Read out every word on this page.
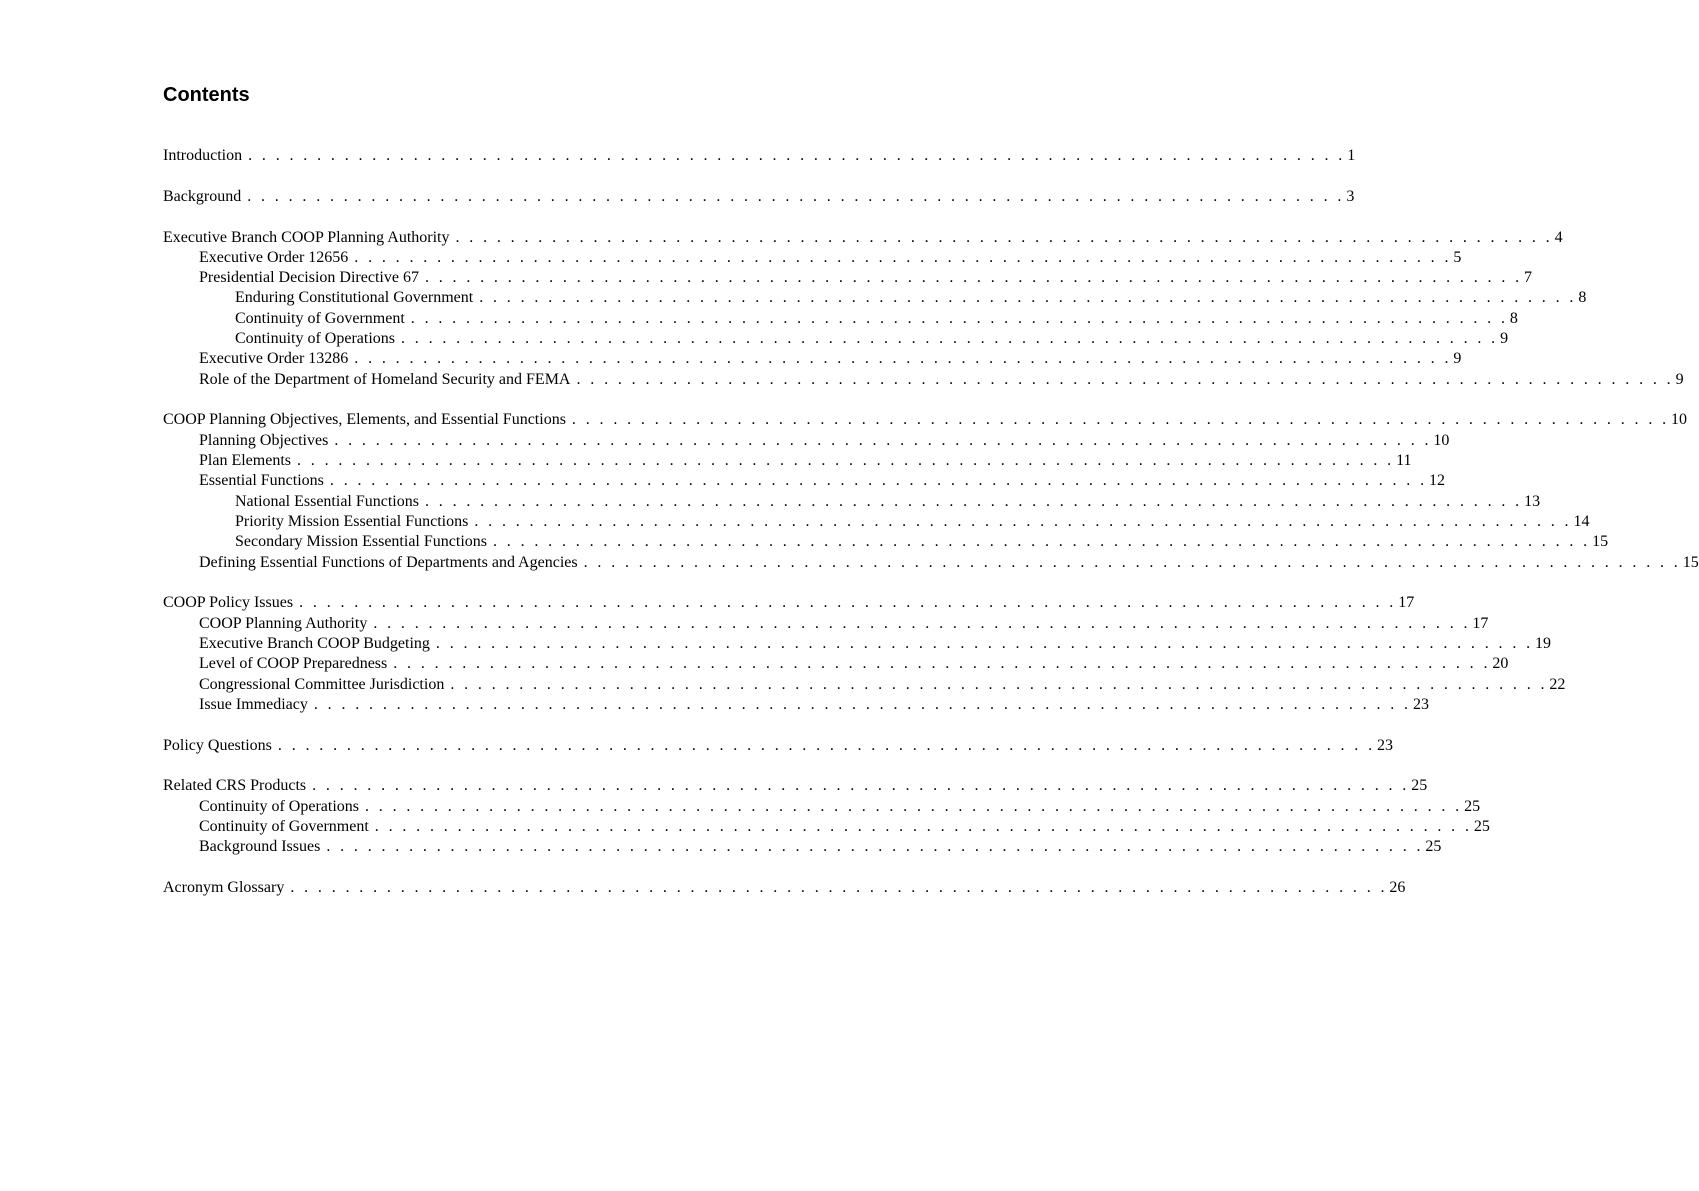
Contents
Introduction . . . . . . . . . . . . . . . . . . . . . . . . . . . . . . . . . . . . . . . . . . . . . . . . . . . . . . . . . . . . . . . . . . . . . . . . . . . . . . . . 1
Background . . . . . . . . . . . . . . . . . . . . . . . . . . . . . . . . . . . . . . . . . . . . . . . . . . . . . . . . . . . . . . . . . . . . . . . . . . . . . . . . 3
Executive Branch COOP Planning Authority . . . . . . . . . . . . . . . . . . . . . . . . . . . . . . . . . . . . . . . . . . . . . . . . . . . . . . . . . . . . . . . . . . . . . . . . . . . . . . . . 4
Executive Order 12656 . . . . . . . . . . . . . . . . . . . . . . . . . . . . . . . . . . . . . . . . . . . . . . . . . . . . . . . . . . . . . . . . . . . . . . . . . . . . . . . . 5
Presidential Decision Directive 67 . . . . . . . . . . . . . . . . . . . . . . . . . . . . . . . . . . . . . . . . . . . . . . . . . . . . . . . . . . . . . . . . . . . . . . . . . . . . . . . . 7
Enduring Constitutional Government . . . . . . . . . . . . . . . . . . . . . . . . . . . . . . . . . . . . . . . . . . . . . . . . . . . . . . . . . . . . . . . . . . . . . . . . . . . . . . . . 8
Continuity of Government . . . . . . . . . . . . . . . . . . . . . . . . . . . . . . . . . . . . . . . . . . . . . . . . . . . . . . . . . . . . . . . . . . . . . . . . . . . . . . . . 8
Continuity of Operations . . . . . . . . . . . . . . . . . . . . . . . . . . . . . . . . . . . . . . . . . . . . . . . . . . . . . . . . . . . . . . . . . . . . . . . . . . . . . . . . 9
Executive Order 13286 . . . . . . . . . . . . . . . . . . . . . . . . . . . . . . . . . . . . . . . . . . . . . . . . . . . . . . . . . . . . . . . . . . . . . . . . . . . . . . . . 9
Role of the Department of Homeland Security and FEMA . . . . . . . . . . . . . . . . . . . . . . . . . . . . . . . . . . . . . . . . . . . . . . . . . . . . . . . . . . . . . . . . . . . . . . . . . . . . . . . . 9
COOP Planning Objectives, Elements, and Essential Functions . . . . . . . . . . . . . . . . . . . . . . . . . . . . . . . . . . . . . . . . . . . . . . . . . . . . . . . . . . . . . . . . . . . . . . . . . . . . . . . . 10
Planning Objectives . . . . . . . . . . . . . . . . . . . . . . . . . . . . . . . . . . . . . . . . . . . . . . . . . . . . . . . . . . . . . . . . . . . . . . . . . . . . . . . . 10
Plan Elements . . . . . . . . . . . . . . . . . . . . . . . . . . . . . . . . . . . . . . . . . . . . . . . . . . . . . . . . . . . . . . . . . . . . . . . . . . . . . . . . 11
Essential Functions . . . . . . . . . . . . . . . . . . . . . . . . . . . . . . . . . . . . . . . . . . . . . . . . . . . . . . . . . . . . . . . . . . . . . . . . . . . . . . . . 12
National Essential Functions . . . . . . . . . . . . . . . . . . . . . . . . . . . . . . . . . . . . . . . . . . . . . . . . . . . . . . . . . . . . . . . . . . . . . . . . . . . . . . . . 13
Priority Mission Essential Functions . . . . . . . . . . . . . . . . . . . . . . . . . . . . . . . . . . . . . . . . . . . . . . . . . . . . . . . . . . . . . . . . . . . . . . . . . . . . . . . . 14
Secondary Mission Essential Functions . . . . . . . . . . . . . . . . . . . . . . . . . . . . . . . . . . . . . . . . . . . . . . . . . . . . . . . . . . . . . . . . . . . . . . . . . . . . . . . . 15
Defining Essential Functions of Departments and Agencies . . . . . . . . . . . . . . . . . . . . . . . . . . . . . . . . . . . . . . . . . . . . . . . . . . . . . . . . . . . . . . . . . . . . . . . . . . . . . . . . 15
COOP Policy Issues . . . . . . . . . . . . . . . . . . . . . . . . . . . . . . . . . . . . . . . . . . . . . . . . . . . . . . . . . . . . . . . . . . . . . . . . . . . . . . . . 17
COOP Planning Authority . . . . . . . . . . . . . . . . . . . . . . . . . . . . . . . . . . . . . . . . . . . . . . . . . . . . . . . . . . . . . . . . . . . . . . . . . . . . . . . . 17
Executive Branch COOP Budgeting . . . . . . . . . . . . . . . . . . . . . . . . . . . . . . . . . . . . . . . . . . . . . . . . . . . . . . . . . . . . . . . . . . . . . . . . . . . . . . . . 19
Level of COOP Preparedness . . . . . . . . . . . . . . . . . . . . . . . . . . . . . . . . . . . . . . . . . . . . . . . . . . . . . . . . . . . . . . . . . . . . . . . . . . . . . . . . 20
Congressional Committee Jurisdiction . . . . . . . . . . . . . . . . . . . . . . . . . . . . . . . . . . . . . . . . . . . . . . . . . . . . . . . . . . . . . . . . . . . . . . . . . . . . . . . . 22
Issue Immediacy . . . . . . . . . . . . . . . . . . . . . . . . . . . . . . . . . . . . . . . . . . . . . . . . . . . . . . . . . . . . . . . . . . . . . . . . . . . . . . . . 23
Policy Questions . . . . . . . . . . . . . . . . . . . . . . . . . . . . . . . . . . . . . . . . . . . . . . . . . . . . . . . . . . . . . . . . . . . . . . . . . . . . . . . . 23
Related CRS Products . . . . . . . . . . . . . . . . . . . . . . . . . . . . . . . . . . . . . . . . . . . . . . . . . . . . . . . . . . . . . . . . . . . . . . . . . . . . . . . . 25
Continuity of Operations . . . . . . . . . . . . . . . . . . . . . . . . . . . . . . . . . . . . . . . . . . . . . . . . . . . . . . . . . . . . . . . . . . . . . . . . . . . . . . . . 25
Continuity of Government . . . . . . . . . . . . . . . . . . . . . . . . . . . . . . . . . . . . . . . . . . . . . . . . . . . . . . . . . . . . . . . . . . . . . . . . . . . . . . . . 25
Background Issues . . . . . . . . . . . . . . . . . . . . . . . . . . . . . . . . . . . . . . . . . . . . . . . . . . . . . . . . . . . . . . . . . . . . . . . . . . . . . . . . 25
Acronym Glossary . . . . . . . . . . . . . . . . . . . . . . . . . . . . . . . . . . . . . . . . . . . . . . . . . . . . . . . . . . . . . . . . . . . . . . . . . . . . . . . . 26
